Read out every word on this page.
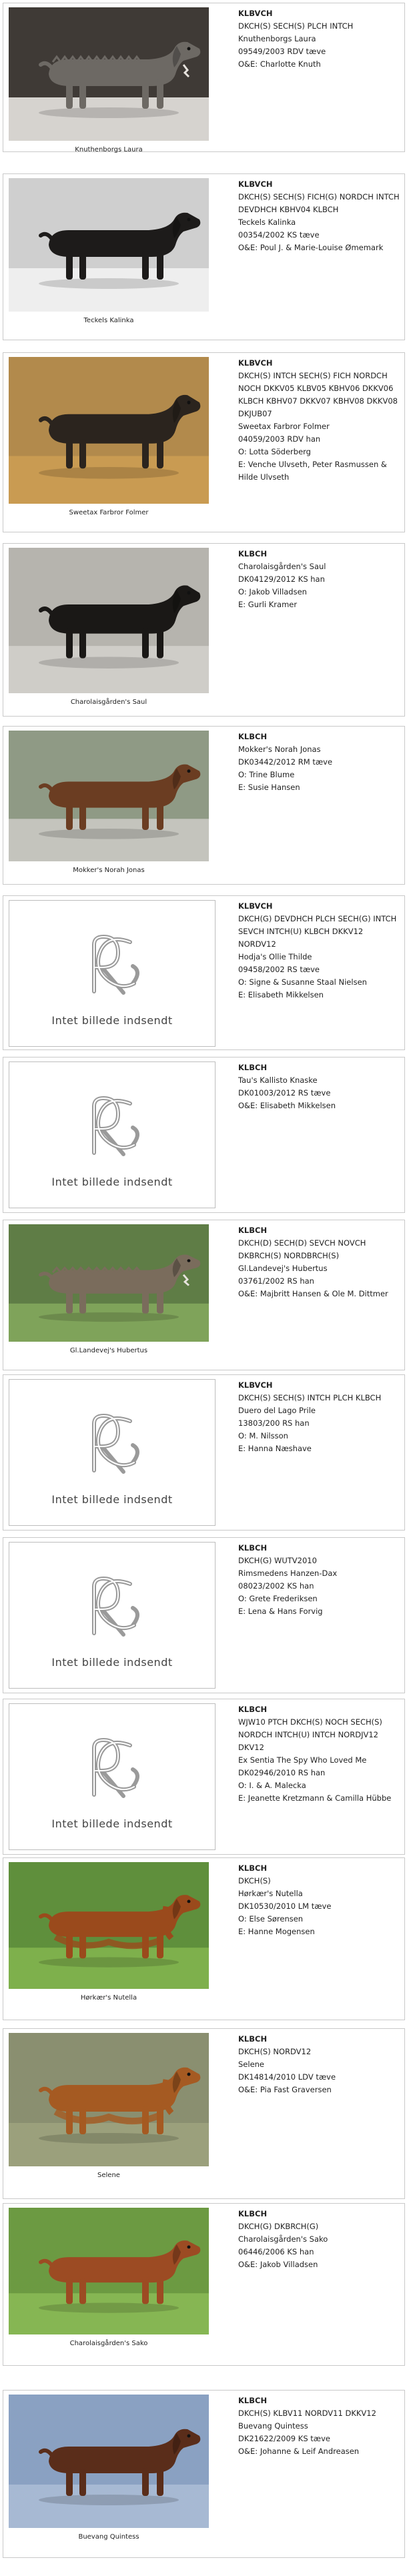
Knuthenborgs Laura
KLBVCH
DKCH(S) SECH(S) PLCH INTCH
Knuthenborgs Laura
09549/2003 RDV tæve
O&E: Charlotte Knuth
Teckels Kalinka
KLBVCH
DKCH(S) SECH(S) FICH(G) NORDCH INTCH DEVDHCH KBHV04 KLBCH
Teckels Kalinka
00354/2002 KS tæve
O&E: Poul J. & Marie-Louise Ømemark
Sweetax Farbror Folmer
KLBVCH
DKCH(S) INTCH SECH(S) FICH NORDCH NOCH DKKV05 KLBV05 KBHV06 DKKV06 KLBCH KBHV07 DKKV07 KBHV08 DKKV08 DKJUB07
Sweetax Farbror Folmer
04059/2003 RDV han
O: Lotta Söderberg
E: Venche Ulvseth, Peter Rasmussen & Hilde Ulvseth
Charolaisgården's Saul
KLBCH
Charolaisgården's Saul
DK04129/2012 KS han
O: Jakob Villadsen
E: Gurli Kramer
Mokker's Norah Jonas
KLBCH
Mokker's Norah Jonas
DK03442/2012 RM tæve
O: Trine Blume
E: Susie Hansen
Intet billede indsendt
KLBVCH
DKCH(G) DEVDHCH PLCH SECH(G) INTCH SEVCH INTCH(U) KLBCH DKKV12 NORDV12
Hodja's Ollie Thilde
09458/2002 RS tæve
O: Signe & Susanne Staal Nielsen
E: Elisabeth Mikkelsen
Intet billede indsendt
KLBCH
Tau's Kallisto Knaske
DK01003/2012 RS tæve
O&E: Elisabeth Mikkelsen
Gl.Landevej's Hubertus
KLBCH
DKCH(D) SECH(D) SEVCH NOVCH DKBRCH(S) NORDBRCH(S)
Gl.Landevej's Hubertus
03761/2002 RS han
O&E: Majbritt Hansen & Ole M. Dittmer
Intet billede indsendt
KLBVCH
DKCH(S) SECH(S) INTCH PLCH KLBCH
Duero del Lago Prile
13803/200 RS han
O: M. Nilsson
E: Hanna Næshave
Intet billede indsendt
KLBCH
DKCH(G) WUTV2010
Rimsmedens Hanzen-Dax
08023/2002 KS han
O: Grete Frederiksen
E: Lena & Hans Forvig
Intet billede indsendt
KLBCH
WJW10 PTCH DKCH(S) NOCH SECH(S) NORDCH INTCH(U) INTCH NORDJV12 DKV12
Ex Sentia The Spy Who Loved Me
DK02946/2010 RS han
O: I. & A. Malecka
E: Jeanette Kretzmann & Camilla Hübbe
Hørkær's Nutella
KLBCH
DKCH(S)
Hørkær's Nutella
DK10530/2010 LM tæve
O: Else Sørensen
E: Hanne Mogensen
Selene
KLBCH
DKCH(S) NORDV12
Selene
DK14814/2010 LDV tæve
O&E: Pia Fast Graversen
Charolaisgården's Sako
KLBCH
DKCH(G) DKBRCH(G)
Charolaisgården's Sako
06446/2006 KS han
O&E: Jakob Villadsen
Buevang Quintess
KLBCH
DKCH(S) KLBV11 NORDV11 DKKV12
Buevang Quintess
DK21622/2009 KS tæve
O&E: Johanne & Leif Andreasen
